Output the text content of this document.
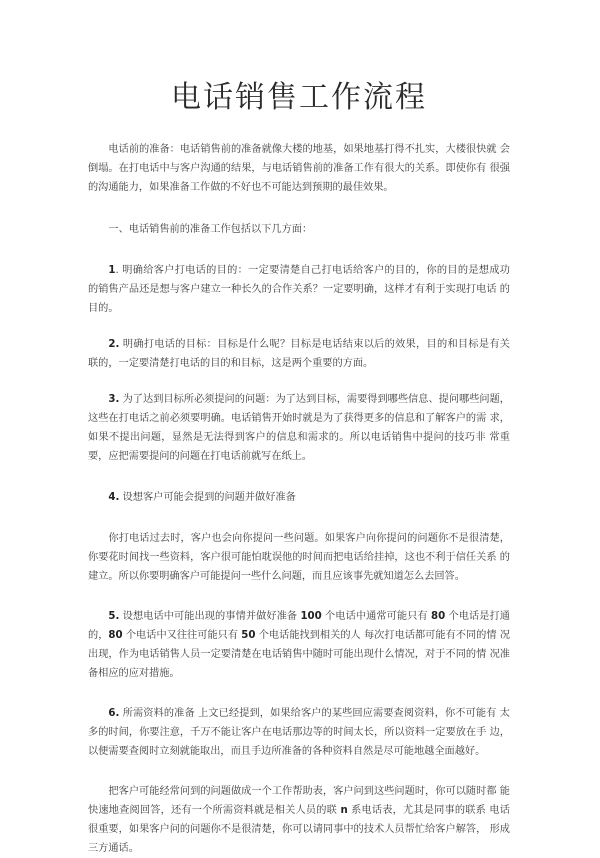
电话销售工作流程

电话前的准备：电话销售前的准备就像大楼的地基，如果地基打得不扎实，大楼很快就 会倒塌。在打电话中与客户沟通的结果，与电话销售前的准备工作有很大的关系。即使你有 很强的沟通能力，如果准备工作做的不好也不可能达到预期的最佳效果。

一、电话销售前的准备工作包括以下几方面：

1. 明确给客户打电话的目的：一定要清楚自己打电话给客户的目的，你的目的是想成功 的销售产品还是想与客户建立一种长久的合作关系？一定要明确，这样才有利于实现打电话 的目的。

2. 明确打电话的目标：目标是什么呢？目标是电话结束以后的效果，目的和目标是有关 联的，一定要清楚打电话的目的和目标，这是两个重要的方面。

3. 为了达到目标所必须提问的问题：为了达到目标，需要得到哪些信息、提问哪些问题，这些在打电话之前必须要明确。电话销售开始时就是为了获得更多的信息和了解客户的需 求，如果不提出问题，显然是无法得到客户的信息和需求的。所以电话销售中提问的技巧非 常重要，应把需要提问的问题在打电话前就写在纸上。

4. 设想客户可能会提到的问题并做好准备

你打电话过去时，客户也会向你提问一些问题。如果客户向你提问的问题你不是很清楚，你要花时间找一些资料，客户很可能怕耽误他的时间而把电话给挂掉，这也不利于信任关系 的建立。所以你要明确客户可能提问一些什么问题，而且应该事先就知道怎么去回答。

5. 设想电话中可能出现的事情并做好准备 100 个电话中通常可能只有 80 个电话是打通 的，80 个电话中又往往可能只有 50 个电话能找到相关的人 每次打电话都可能有不同的情 况出现，作为电话销售人员一定要清楚在电话销售中随时可能出现什么情况，对于不同的情 况准备相应的应对措施。

6. 所需资料的准备 上文已经提到，如果给客户的某些回应需要查阅资料，你不可能有 太多的时间，你要注意，千万不能让客户在电话那边等的时间太长，所以资料一定要放在手 边，以便需要查阅时立刻就能取出，而且手边所准备的各种资料自然是尽可能地越全面越好。

把客户可能经常问到的问题做成一个工作帮助表，客户问到这些问题时，你可以随时都 能快速地查阅回答，还有一个所需资料就是相关人员的联 n 系电话表，尤其是同事的联系 电话很重要，如果客户问的问题你不是很清楚，你可以请同事中的技术人员帮忙给客户解答， 形成三方通话。
